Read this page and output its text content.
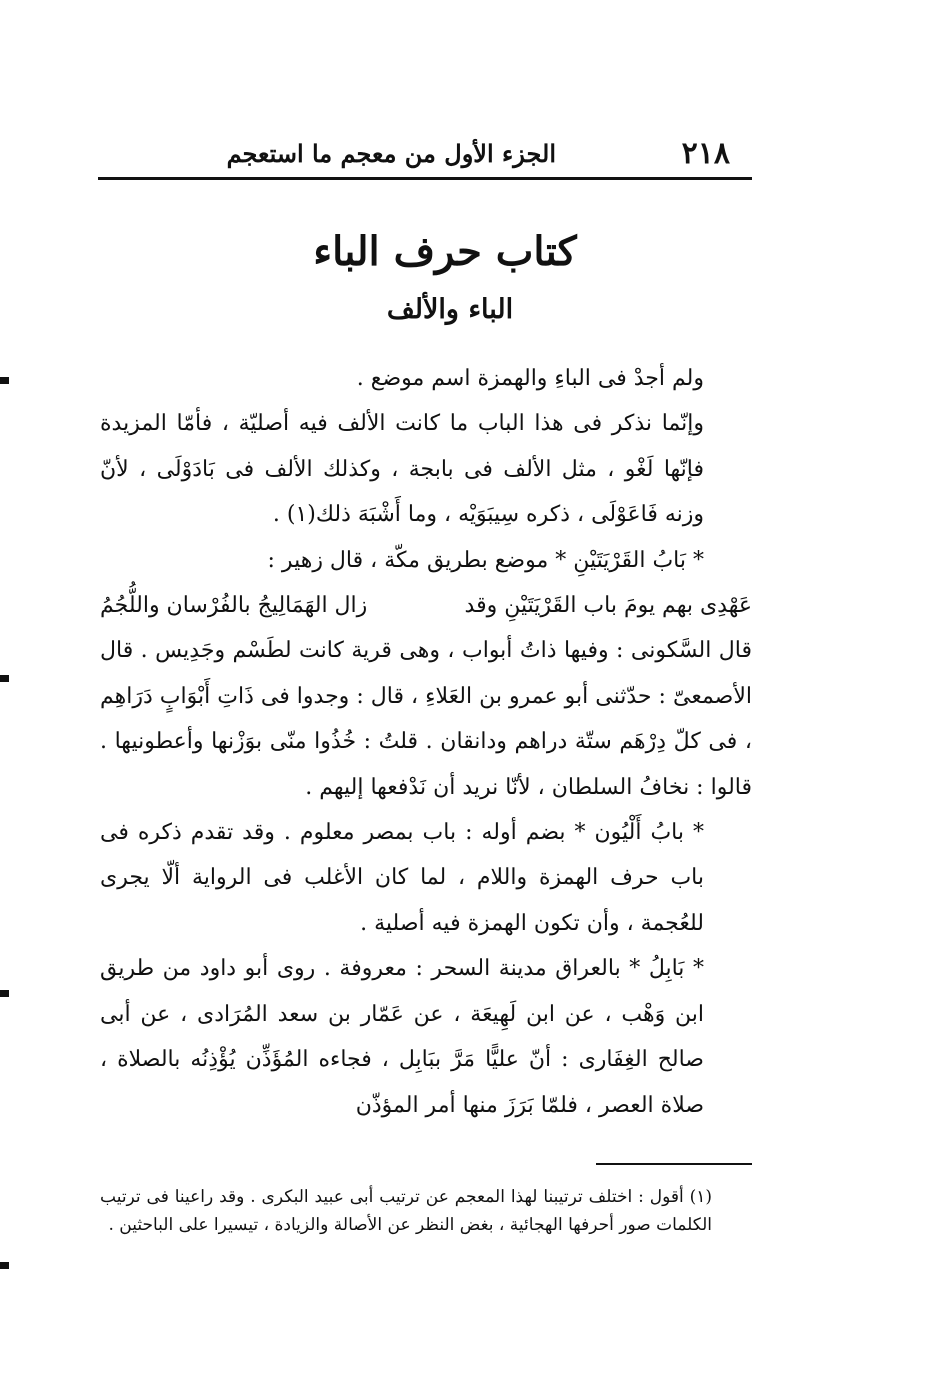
٢١٨
الجزء الأول من معجم ما استعجم
كتاب حرف الباء
الباء والألف

ولم أجدْ فى الباءِ والهمزة اسم موضع .

وإنّما نذكر فى هذا الباب ما كانت الألف فيه أصليّة ، فأمّا المزيدة فإنّها لَغْو ، مثل الألف فى بابجة ، وكذلك الألف فى بَادَوْلَى ، لأنّ وزنه فَاعَوْلَى ، ذكره سِيبَوَيْه ، وما أَشْبَهَ ذلك(١) .

* بَابُ القَرْيَتَيْنِ * موضع بطريق مكّة ، قال زهير :

عَهْدِى بهم يومَ باب القَرْيَتَيْنِ وقد
زال الهَمَالِيجُ بالفُرْسان واللُّجُمُ

قال السَّكونى : وفيها ذاتُ أبواب ، وهى قرية كانت لطَسْم وجَدِيس . قال الأصمعىّ : حدّثنى أبو عمرو بن العَلاءِ ، قال : وجدوا فى ذَاتِ أَبْوَابٍ دَرَاهِم ، فى كلّ دِرْهَم ستّة دراهم ودانقان . قلتُ : خُذُوا منّى بوَزْنها وأعطونيها . قالوا : نخافُ السلطان ، لأنّا نريد أن نَدْفعها إليهم .

* بابُ أَلْيُون * بضم أوله : باب بمصر معلوم . وقد تقدم ذكره فى باب حرف الهمزة واللام ، لما كان الأغلب فى الرواية ألّا يجرى للعُجمة ، وأن تكون الهمزة فيه أصلية .

* بَابِلُ * بالعراق مدينة السحر : معروفة . روى أبو داود من طريق ابن وَهْب ، عن ابن لَهِيعَة ، عن عَمّار بن سعد المُرَادى ، عن أبى صالح الغِفَارى : أنّ عليًّا مَرَّ ببَابِل ، فجاءه المُؤَذِّن يُؤْذِنُه بالصلاة ، صلاة العصر ، فلمّا بَرَزَ منها أمر المؤذّن

(١) أقول : اختلف ترتيبنا لهذا المعجم عن ترتيب أبى عبيد البكرى . وقد راعينا فى ترتيب الكلمات صور أحرفها الهجائية ، بغض النظر عن الأصالة والزيادة ، تيسيرا على الباحثين .
